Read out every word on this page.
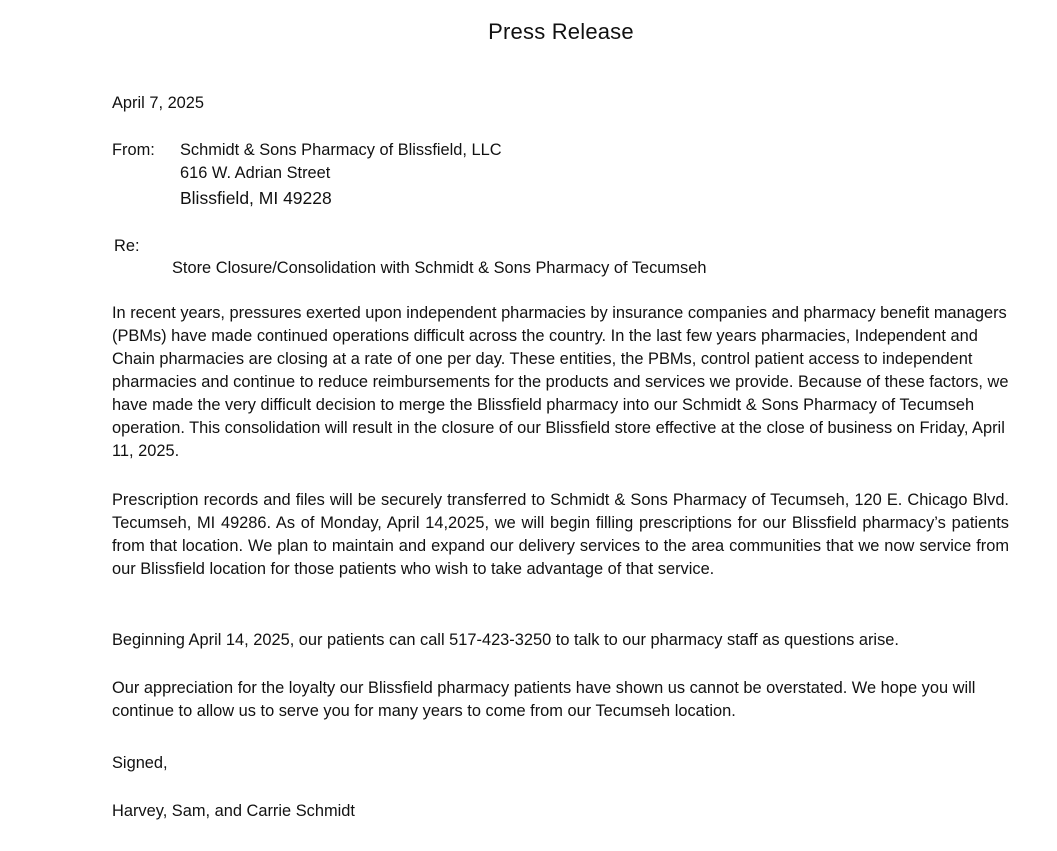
Press Release
April 7, 2025
From: Schmidt & Sons Pharmacy of Blissfield, LLC
616 W. Adrian Street
Blissfield, MI 49228
Re:
Store Closure/Consolidation with Schmidt & Sons Pharmacy of Tecumseh
In recent years, pressures exerted upon independent pharmacies by insurance companies and pharmacy benefit managers (PBMs) have made continued operations difficult across the country. In the last few years pharmacies, Independent and Chain pharmacies are closing at a rate of one per day. These entities, the PBMs, control patient access to independent pharmacies and continue to reduce reimbursements for the products and services we provide. Because of these factors, we have made the very difficult decision to merge the Blissfield pharmacy into our Schmidt & Sons Pharmacy of Tecumseh operation. This consolidation will result in the closure of our Blissfield store effective at the close of business on Friday, April 11, 2025.
Prescription records and files will be securely transferred to Schmidt & Sons Pharmacy of Tecumseh, 120 E. Chicago Blvd. Tecumseh, MI 49286. As of Monday, April 14,2025, we will begin filling prescriptions for our Blissfield pharmacy’s patients from that location. We plan to maintain and expand our delivery services to the area communities that we now service from our Blissfield location for those patients who wish to take advantage of that service.
Beginning April 14, 2025, our patients can call 517-423-3250 to talk to our pharmacy staff as questions arise.
Our appreciation for the loyalty our Blissfield pharmacy patients have shown us cannot be overstated. We hope you will continue to allow us to serve you for many years to come from our Tecumseh location.
Signed,
Harvey, Sam, and Carrie Schmidt
